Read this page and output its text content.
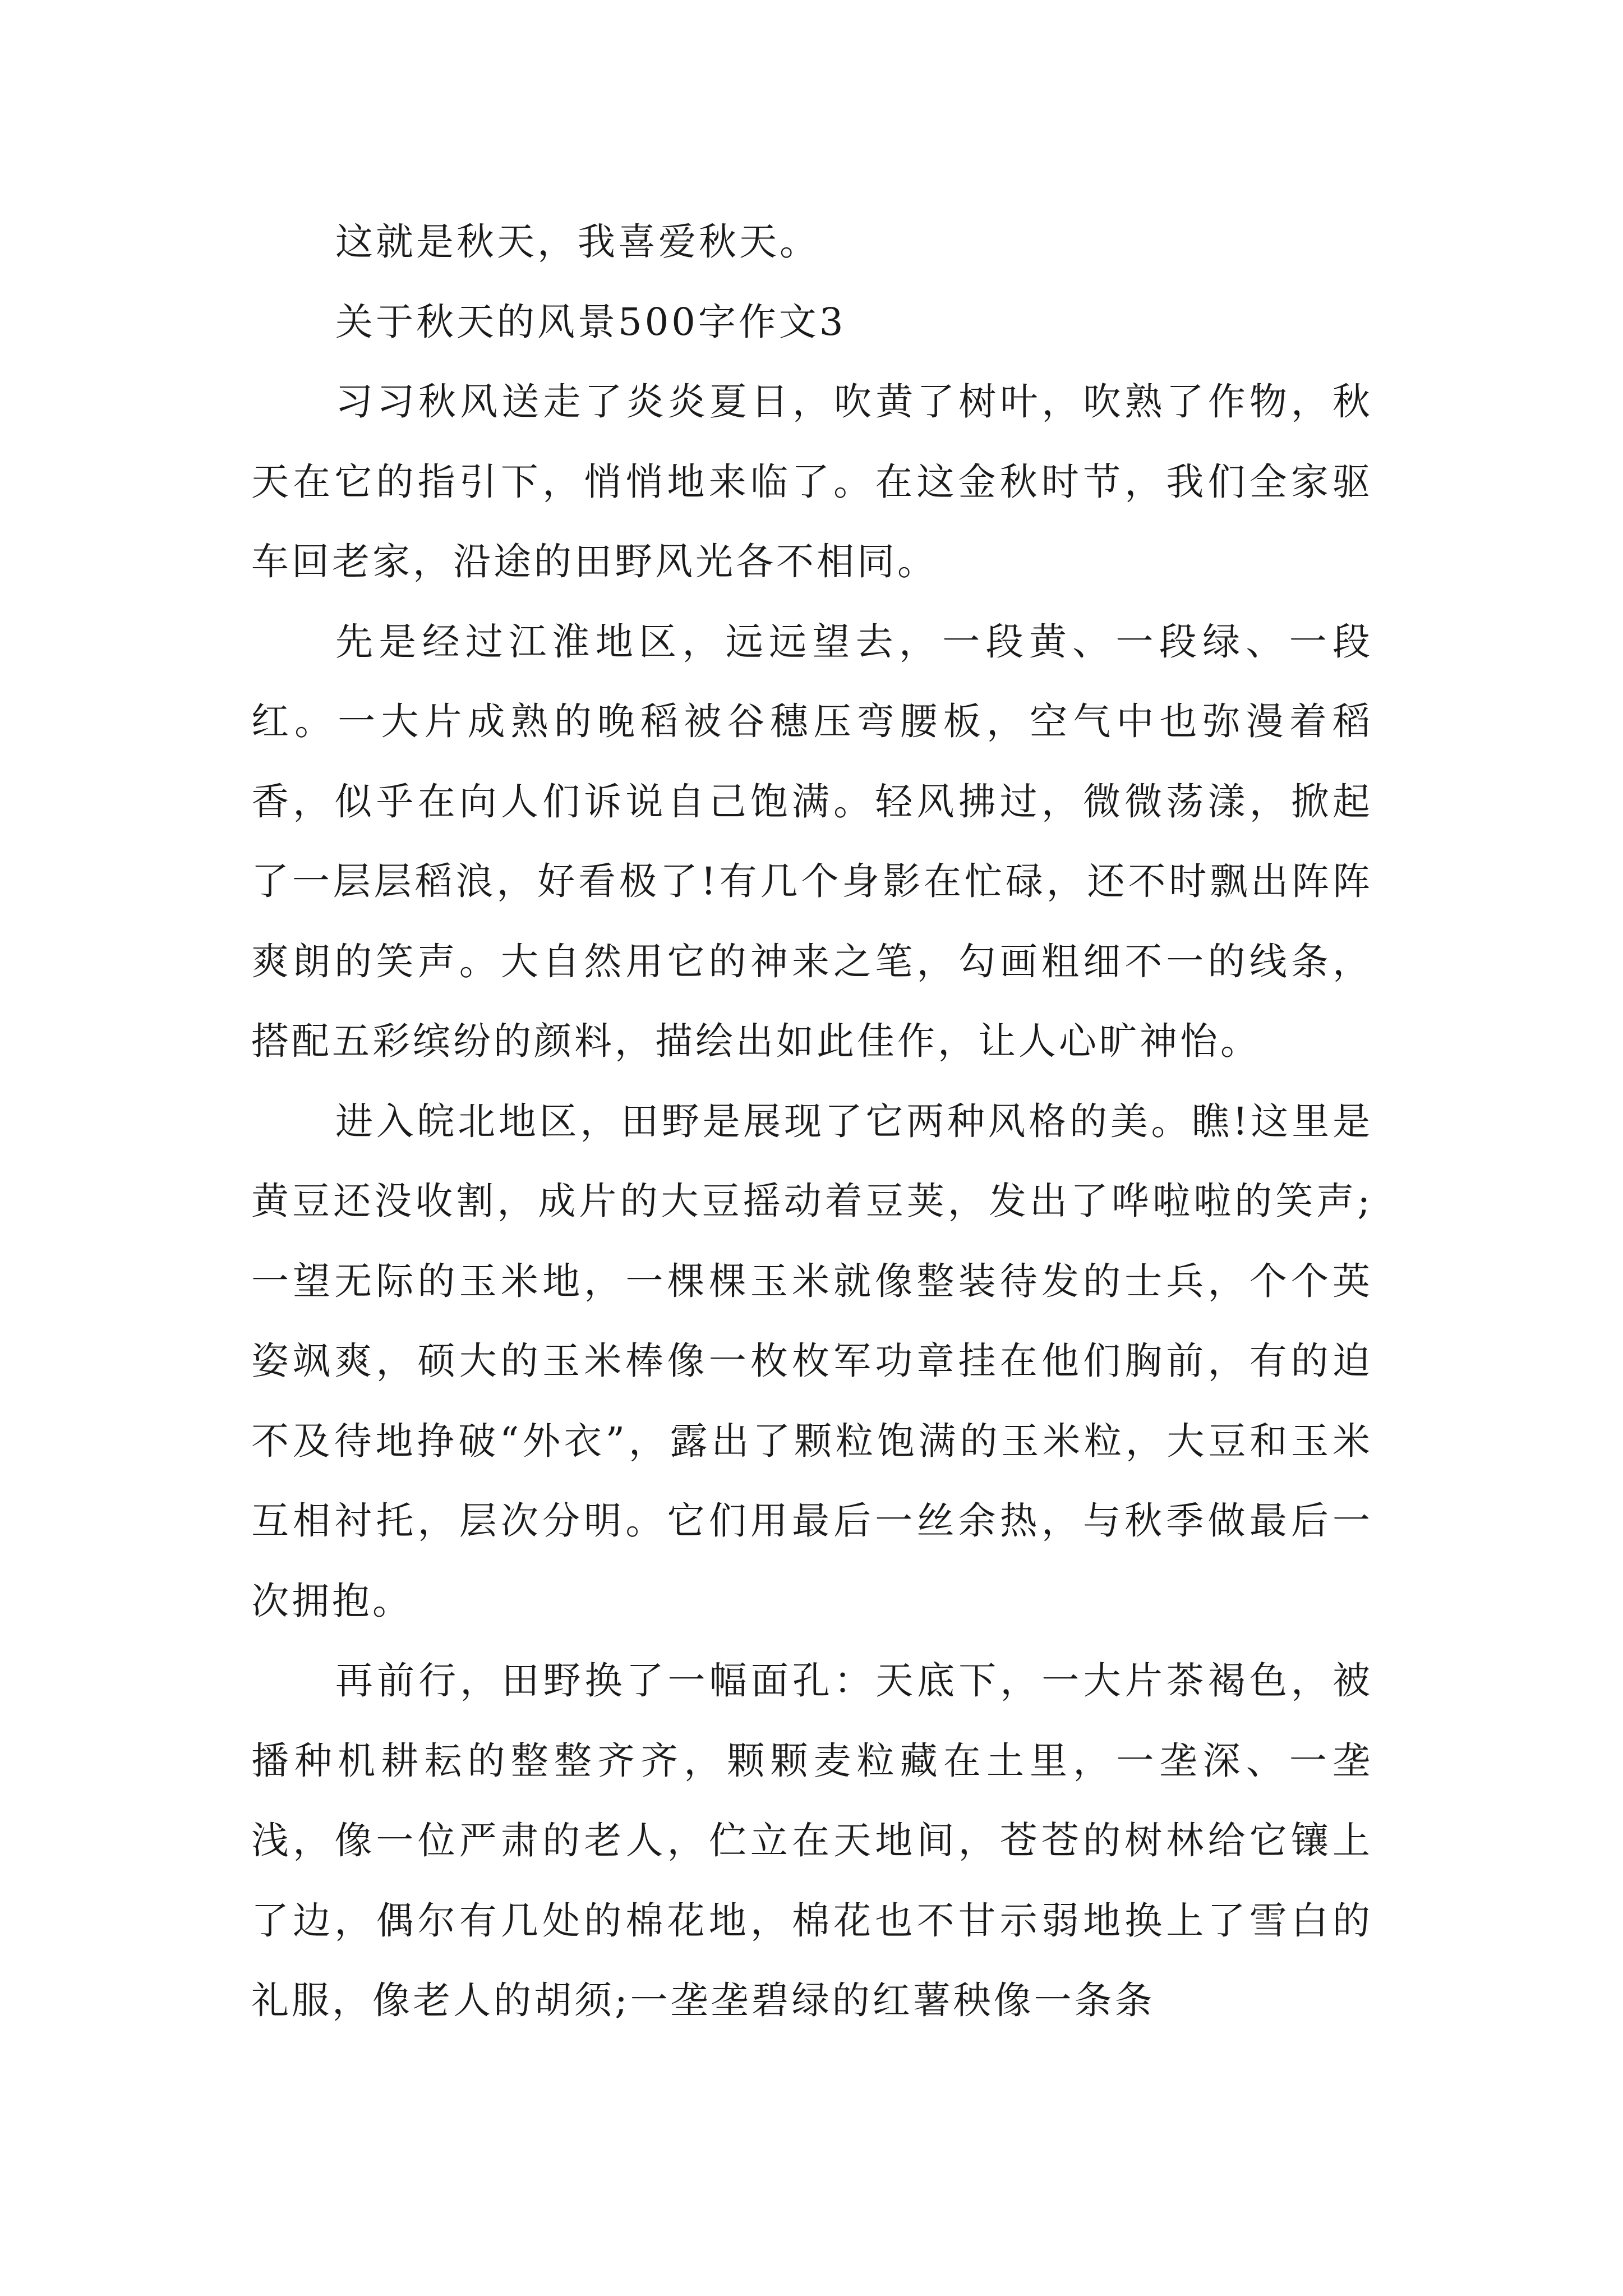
这就是秋天，我喜爱秋天。

关于秋天的风景500字作文3

习习秋风送走了炎炎夏日，吹黄了树叶，吹熟了作物，秋天在它的指引下，悄悄地来临了。在这金秋时节，我们全家驱车回老家，沿途的田野风光各不相同。

先是经过江淮地区，远远望去，一段黄、一段绿、一段红。一大片成熟的晚稻被谷穗压弯腰板，空气中也弥漫着稻香，似乎在向人们诉说自己饱满。轻风拂过，微微荡漾，掀起了一层层稻浪，好看极了!有几个身影在忙碌，还不时飘出阵阵爽朗的笑声。大自然用它的神来之笔，勾画粗细不一的线条，搭配五彩缤纷的颜料，描绘出如此佳作，让人心旷神怡。

进入皖北地区，田野是展现了它两种风格的美。瞧!这里是黄豆还没收割，成片的大豆摇动着豆荚，发出了哗啦啦的笑声;一望无际的玉米地，一棵棵玉米就像整装待发的士兵，个个英姿飒爽，硕大的玉米棒像一枚枚军功章挂在他们胸前，有的迫不及待地挣破“外衣”，露出了颗粒饱满的玉米粒，大豆和玉米互相衬托，层次分明。它们用最后一丝余热，与秋季做最后一次拥抱。

再前行，田野换了一幅面孔：天底下，一大片茶褐色，被播种机耕耘的整整齐齐，颗颗麦粒藏在土里，一垄深、一垄浅，像一位严肃的老人，伫立在天地间，苍苍的树林给它镶上了边，偶尔有几处的棉花地，棉花也不甘示弱地换上了雪白的礼服，像老人的胡须;一垄垄碧绿的红薯秧像一条条
